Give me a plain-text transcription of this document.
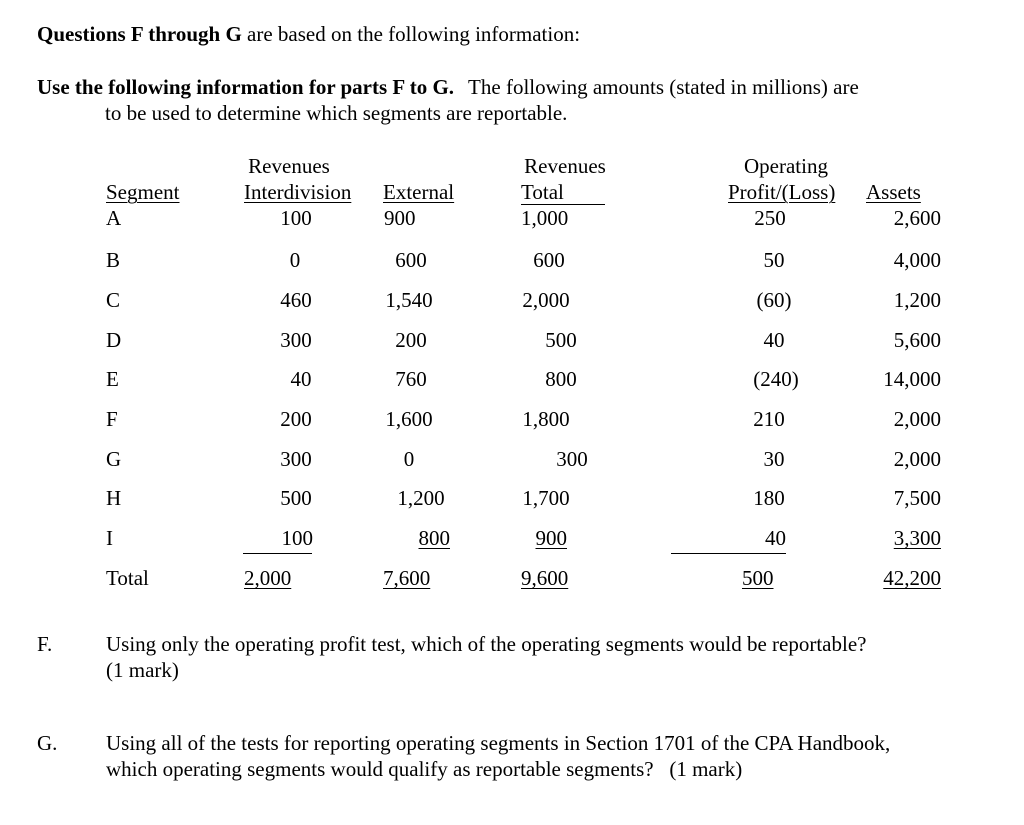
Questions F through G are based on the following information:
Use the following information for parts F to G. The following amounts (stated in millions) are
to be used to determine which segments are reportable.
Revenues	Revenues	Operating
Segment	Interdivision External	Total	Profit/(Loss) Assets
A	100	900	1,000	250	2,600
B	0	600	600	50	4,000
C	460	1,540	2,000	(60)	1,200
D	300	200	500	40	5,600
E	40	760	800	(240)	14,000
F	200	1,600	1,800	210	2,000
G	300	0	300	30	2,000
H	500	1,200	1,700	180	7,500
I	100	800	900	40	3,300
Total	2,000	7,600	9,600	500	42,200
F.	Using only the operating profit test, which of the operating segments would be reportable?
(1 mark)
G. Using all of the tests for reporting operating segments in Section 1701 of the CPA Handbook,
which operating segments would qualify as reportable segments?   (1 mark)
